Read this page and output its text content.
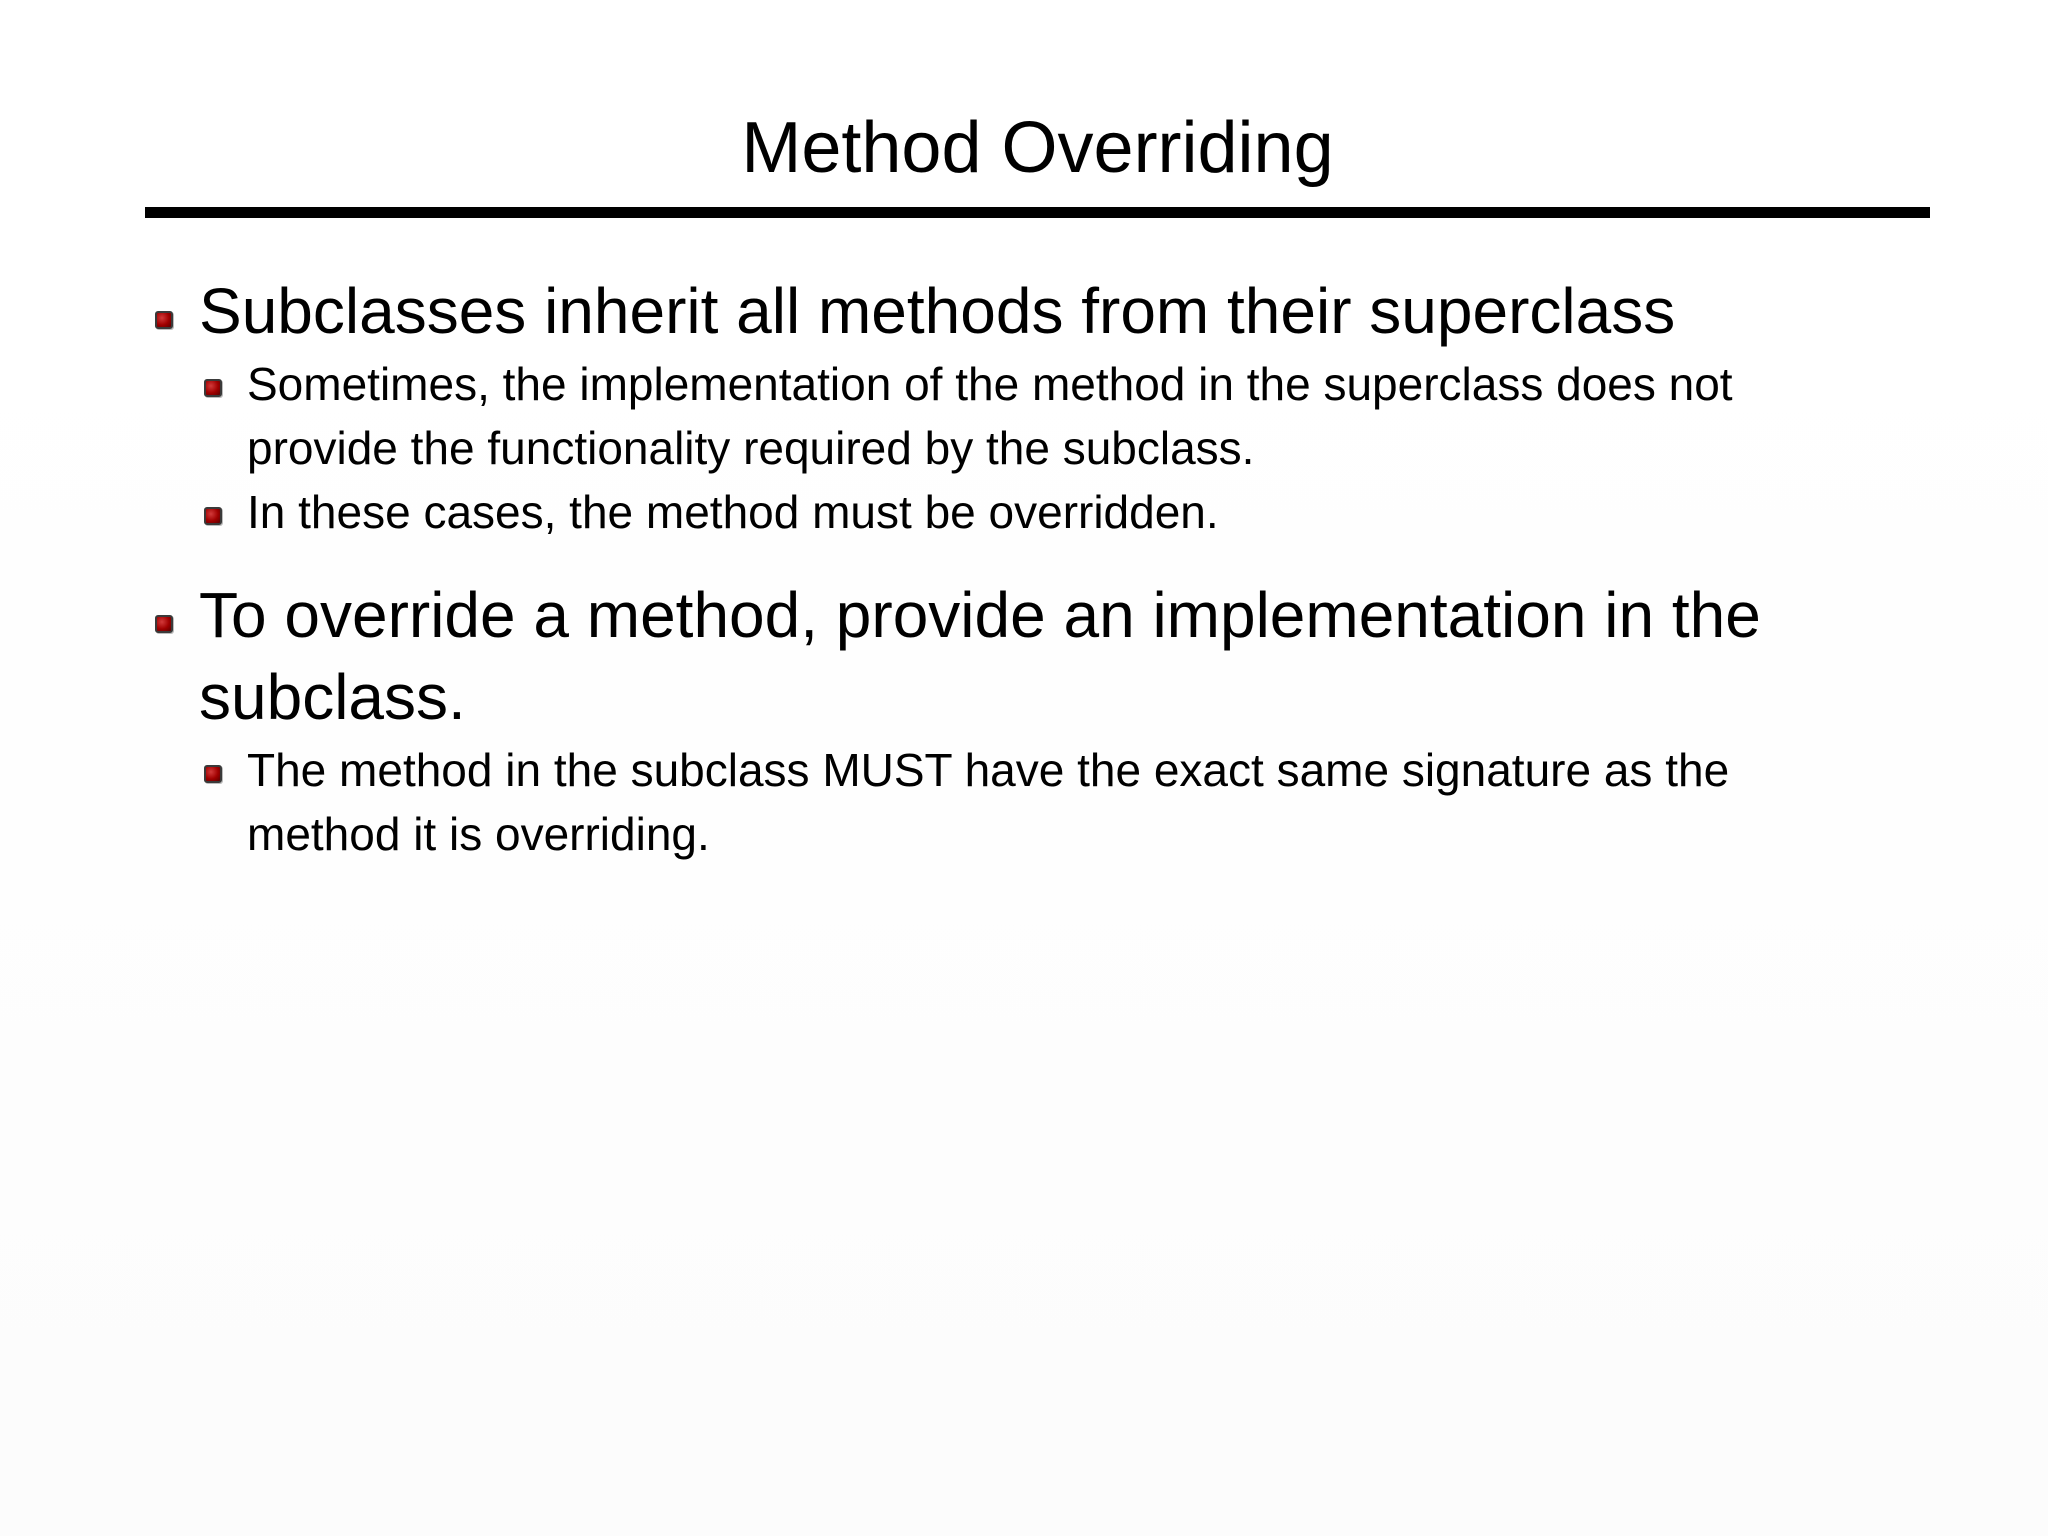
Method Overriding
Subclasses inherit all methods from their superclass
Sometimes, the implementation of the method in the superclass does not provide the functionality required by the subclass.
In these cases, the method must be overridden.
To override a method, provide an implementation in the subclass.
The method in the subclass MUST have the exact same signature as the method it is overriding.
